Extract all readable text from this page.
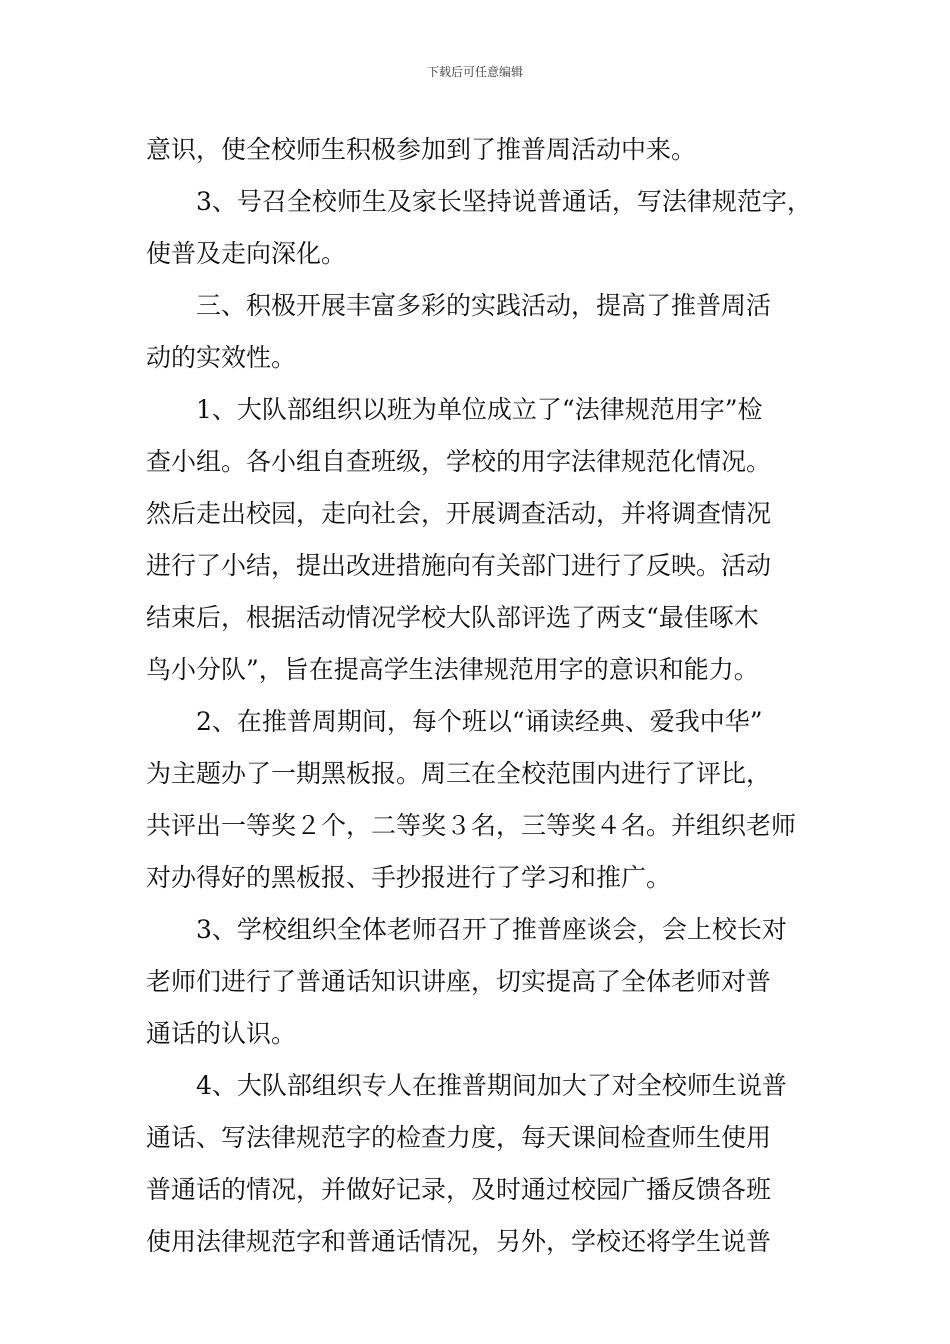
下载后可任意编辑
意识，使全校师生积极参加到了推普周活动中来。
3、号召全校师生及家长坚持说普通话，写法律规范字，
使普及走向深化。
三、积极开展丰富多彩的实践活动，提高了推普周活
动的实效性。
1、大队部组织以班为单位成立了“法律规范用字”检
查小组。各小组自查班级，学校的用字法律规范化情况。
然后走出校园，走向社会，开展调查活动，并将调查情况
进行了小结，提出改进措施向有关部门进行了反映。活动
结束后，根据活动情况学校大队部评选了两支“最佳啄木
鸟小分队”，旨在提高学生法律规范用字的意识和能力。
2、在推普周期间，每个班以“诵读经典、爱我中华”
为主题办了一期黑板报。周三在全校范围内进行了评比，
共评出一等奖２个，二等奖３名，三等奖４名。并组织老师
对办得好的黑板报、手抄报进行了学习和推广。
3、学校组织全体老师召开了推普座谈会，会上校长对
老师们进行了普通话知识讲座，切实提高了全体老师对普
通话的认识。
4、大队部组织专人在推普期间加大了对全校师生说普
通话、写法律规范字的检查力度，每天课间检查师生使用
普通话的情况，并做好记录，及时通过校园广播反馈各班
使用法律规范字和普通话情况，另外，学校还将学生说普
